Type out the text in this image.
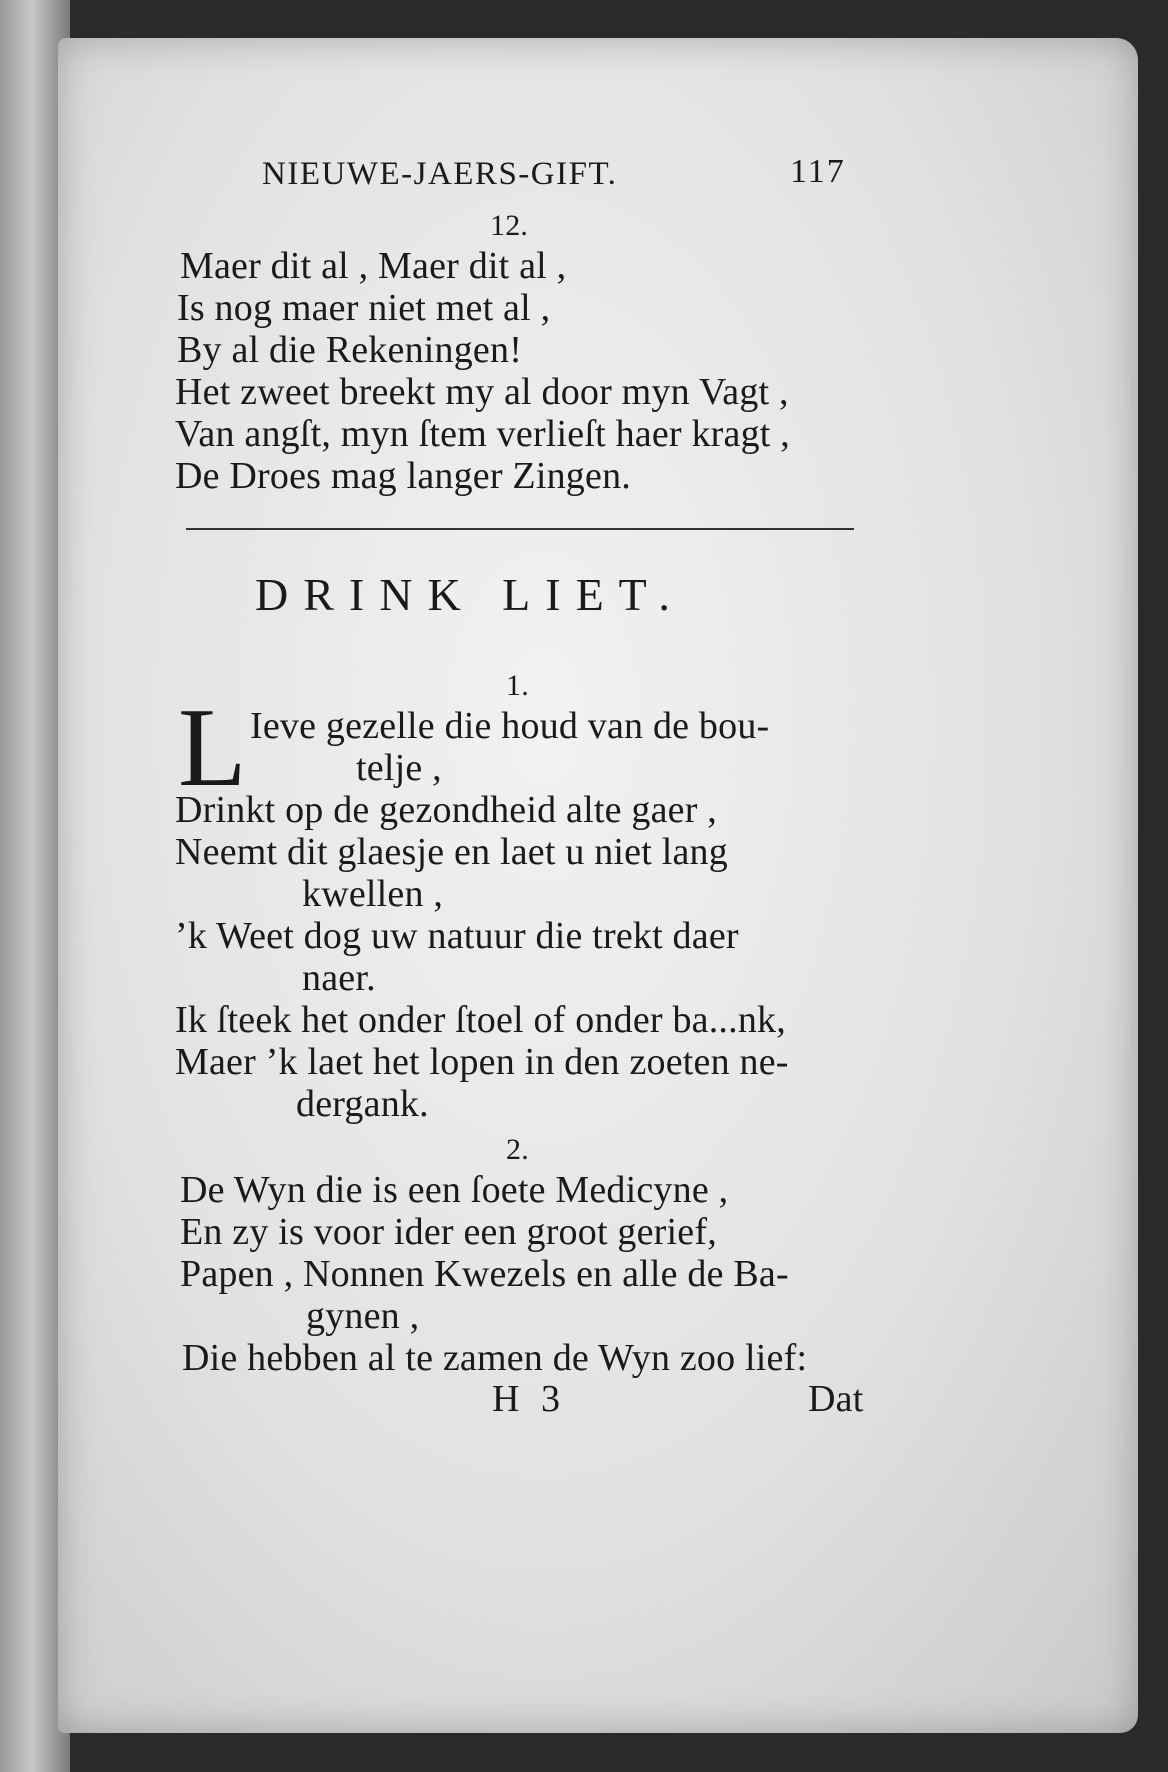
NIEUWE-JAERS-GIFT.	117
12.
Maer dit al , Maer dit al ,
Is nog maer niet met al ,
By al die Rekeningen!
Het zweet breekt my al door myn Vagt ,
Van angſt, myn ſtem verlieſt haer kragt ,
De Droes mag langer Zingen.
DRINK LIET.
1.
L Ieve gezelle die houd van de bou-
telje ,
Drinkt op de gezondheid alte gaer ,
Neemt dit glaesje en laet u niet lang
kwellen ,
’k Weet dog uw natuur die trekt daer
naer.
Ik ſteek het onder ſtoel of onder ba...nk,
Maer ’k laet het lopen in den zoeten ne-
dergank.
2.
De Wyn die is een ſoete Medicyne ,
En zy is voor ider een groot gerief,
Papen , Nonnen Kwezels en alle de Ba-
gynen ,
Die hebben al te zamen de Wyn zoo lief:
H 3	Dat
